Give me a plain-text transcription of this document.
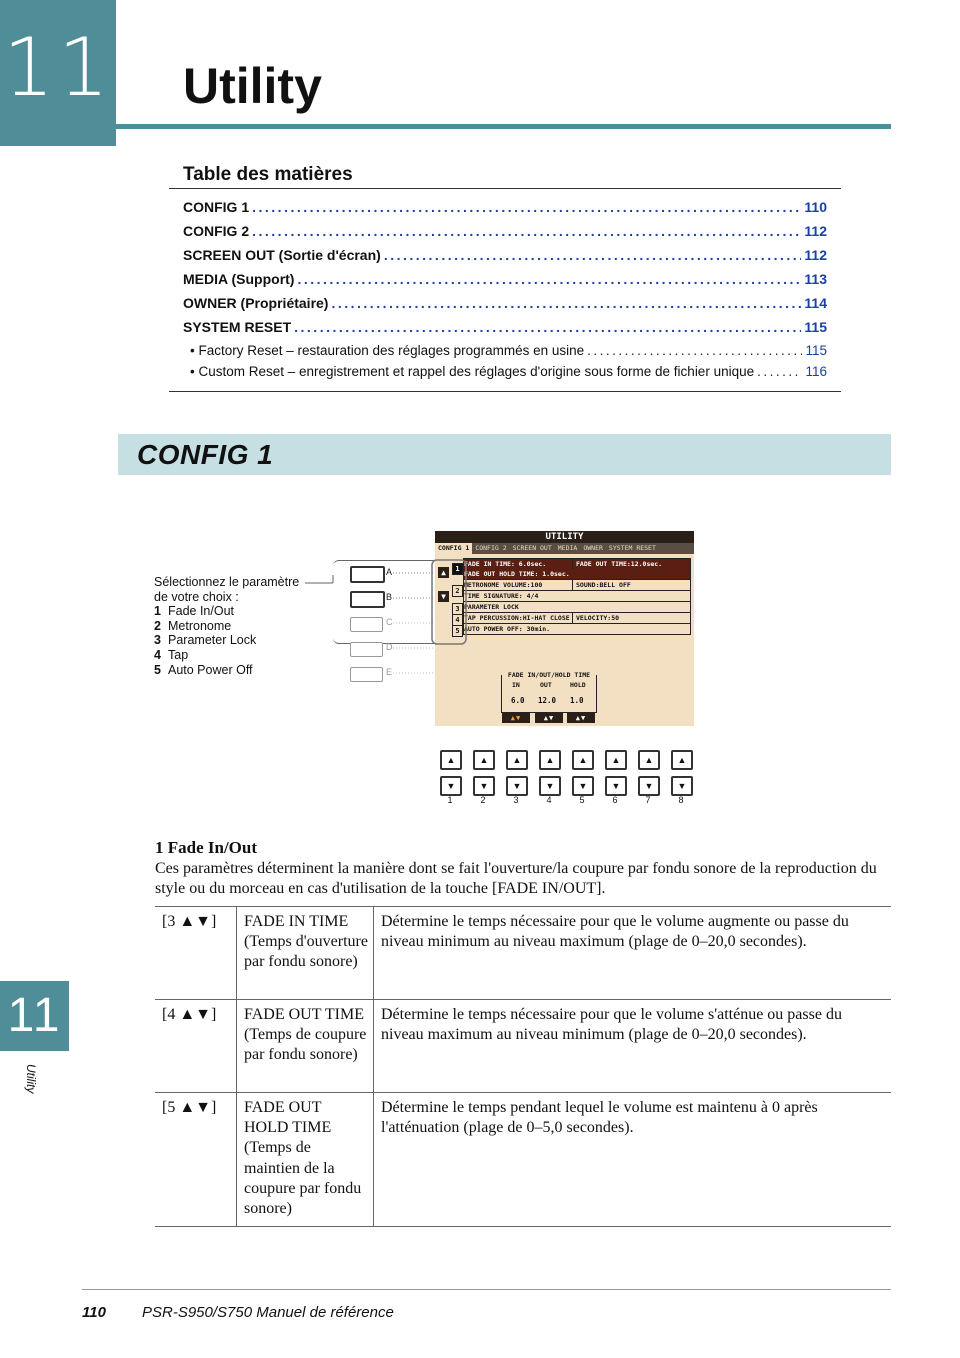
11 Utility
Table des matières
CONFIG 1 .....	110
CONFIG 2 .....	112
SCREEN OUT (Sortie d'écran) .....	112
MEDIA (Support) .....	113
OWNER (Propriétaire) .....	114
SYSTEM RESET .....	115
• Factory Reset – restauration des réglages programmés en usine .....	115
• Custom Reset – enregistrement et rappel des réglages d'origine sous forme de fichier unique .....	116
CONFIG 1
Sélectionnez le paramètre
de votre choix :
1 Fade In/Out
2 Metronome
3 Parameter Lock
4 Tap
5 Auto Power Off
A
B
C
D
E
UTILITY
CONFIG 1 CONFIG 2 SCREEN OUT MEDIA OWNER SYSTEM RESET
▲
▼
1
2
3
4
5
FADE IN TIME: 6.0sec.	FADE OUT TIME:12.0sec.
FADE OUT HOLD TIME: 1.0sec.
METRONOME VOLUME:100	SOUND:BELL OFF
TIME SIGNATURE: 4/4
PARAMETER LOCK
TAP PERCUSSION:HI-HAT CLOSE VELOCITY:50
AUTO POWER OFF: 30min.
FADE IN/OUT/HOLD TIME
IN	OUT	HOLD
6.0 12.0 1.0
▲▼	▲▼	▲▼
▲	▲	▲	▲	▲	▲	▲	▲
▼	▼	▼	▼	▼	▼	▼	▼
1	2	3	4	5	6	7	8
1 Fade In/Out
Ces paramètres déterminent la manière dont se fait l'ouverture/la coupure par fondu sonore de la reproduction du style ou du morceau en cas d'utilisation de la touche [FADE IN/OUT].
[3 ▲▼]	FADE IN TIME (Temps d'ouverture par fondu sonore)
Détermine le temps nécessaire pour que le volume augmente ou passe du niveau minimum au niveau maximum (plage de 0–20,0 secondes).
[4 ▲▼]	FADE OUT TIME (Temps de coupure par fondu sonore)
Détermine le temps nécessaire pour que le volume s'atténue ou passe du niveau maximum au niveau minimum (plage de 0–20,0 secondes).
[5 ▲▼]	FADE OUT HOLD TIME (Temps de maintien de la coupure par fondu sonore)
Détermine le temps pendant lequel le volume est maintenu à 0 après l'atténuation (plage de 0–5,0 secondes).
11
Utility
110 PSR-S950/S750 Manuel de référence
